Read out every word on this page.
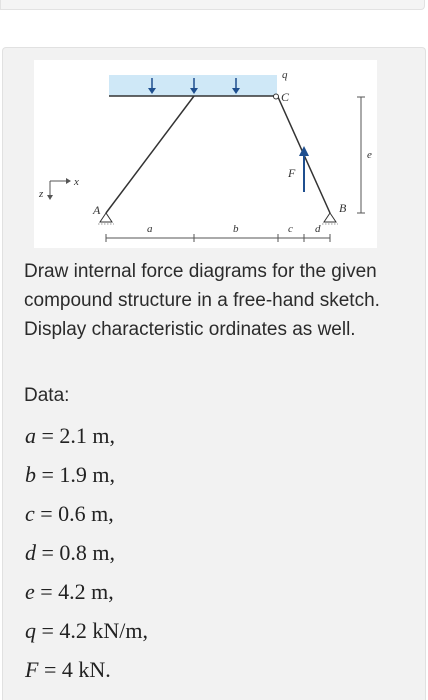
q
C
F
A	B
e
a	b	c d
x
z

Draw internal force diagrams for the given compound structure in a free-hand sketch. Display characteristic ordinates as well.

Data:
a = 2.1 m,
b = 1.9 m,
c = 0.6 m,
d = 0.8 m,
e = 4.2 m,
q = 4.2 kN/m,
F = 4 kN.
